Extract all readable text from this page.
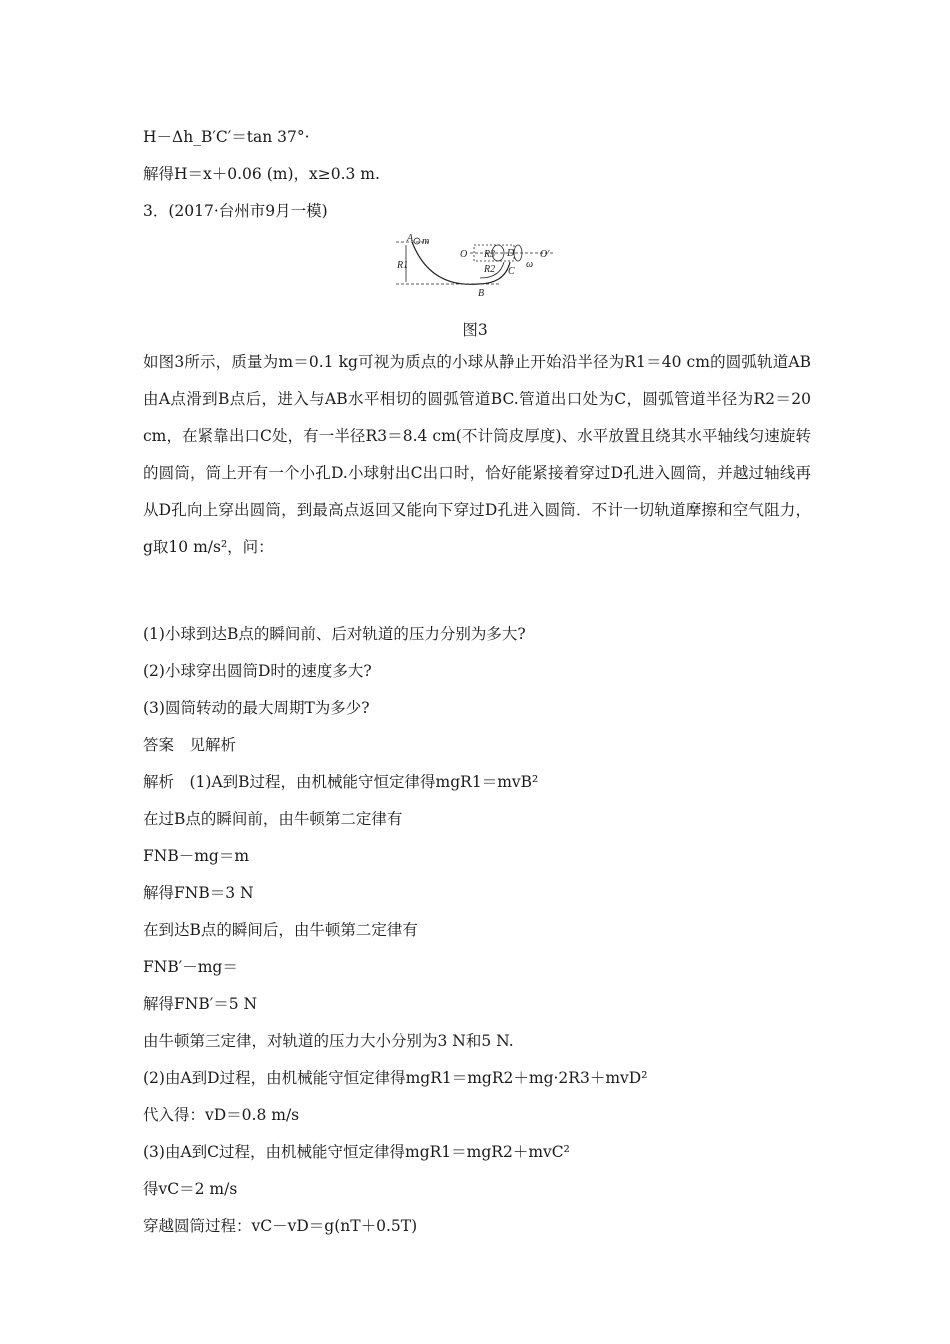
H－Δh_B′C′＝tan 37°·
解得H＝x＋0.06 (m)，x≥0.3 m.
3．(2017·台州市9月一模)
A m
R1
B
O	D
R3
R2 C
O′
ω
图3
如图3所示，质量为m＝0.1 kg可视为质点的小球从静止开始沿半径为R1＝40 cm的圆弧轨道AB由A点滑到B点后，进入与AB水平相切的圆弧管道BC.管道出口处为C，圆弧管道半径为R2＝20 cm，在紧靠出口C处，有一半径R3＝8.4 cm(不计筒皮厚度)、水平放置且绕其水平轴线匀速旋转的圆筒，筒上开有一个小孔D.小球射出C出口时，恰好能紧接着穿过D孔进入圆筒，并越过轴线再从D孔向上穿出圆筒，到最高点返回又能向下穿过D孔进入圆筒．不计一切轨道摩擦和空气阻力，g取10 m/s²，问：
(1)小球到达B点的瞬间前、后对轨道的压力分别为多大?
(2)小球穿出圆筒D时的速度多大?
(3)圆筒转动的最大周期T为多少?
答案　见解析
解析　(1)A到B过程，由机械能守恒定律得mgR1＝mvB²
在过B点的瞬间前，由牛顿第二定律有
FNB－mg＝m
解得FNB＝3 N
在到达B点的瞬间后，由牛顿第二定律有
FNB′－mg＝
解得FNB′＝5 N
由牛顿第三定律，对轨道的压力大小分别为3 N和5 N.
(2)由A到D过程，由机械能守恒定律得mgR1＝mgR2＋mg·2R3＋mvD²
代入得：vD＝0.8 m/s
(3)由A到C过程，由机械能守恒定律得mgR1＝mgR2＋mvC²
得vC＝2 m/s
穿越圆筒过程：vC－vD＝g(nT＋0.5T)
